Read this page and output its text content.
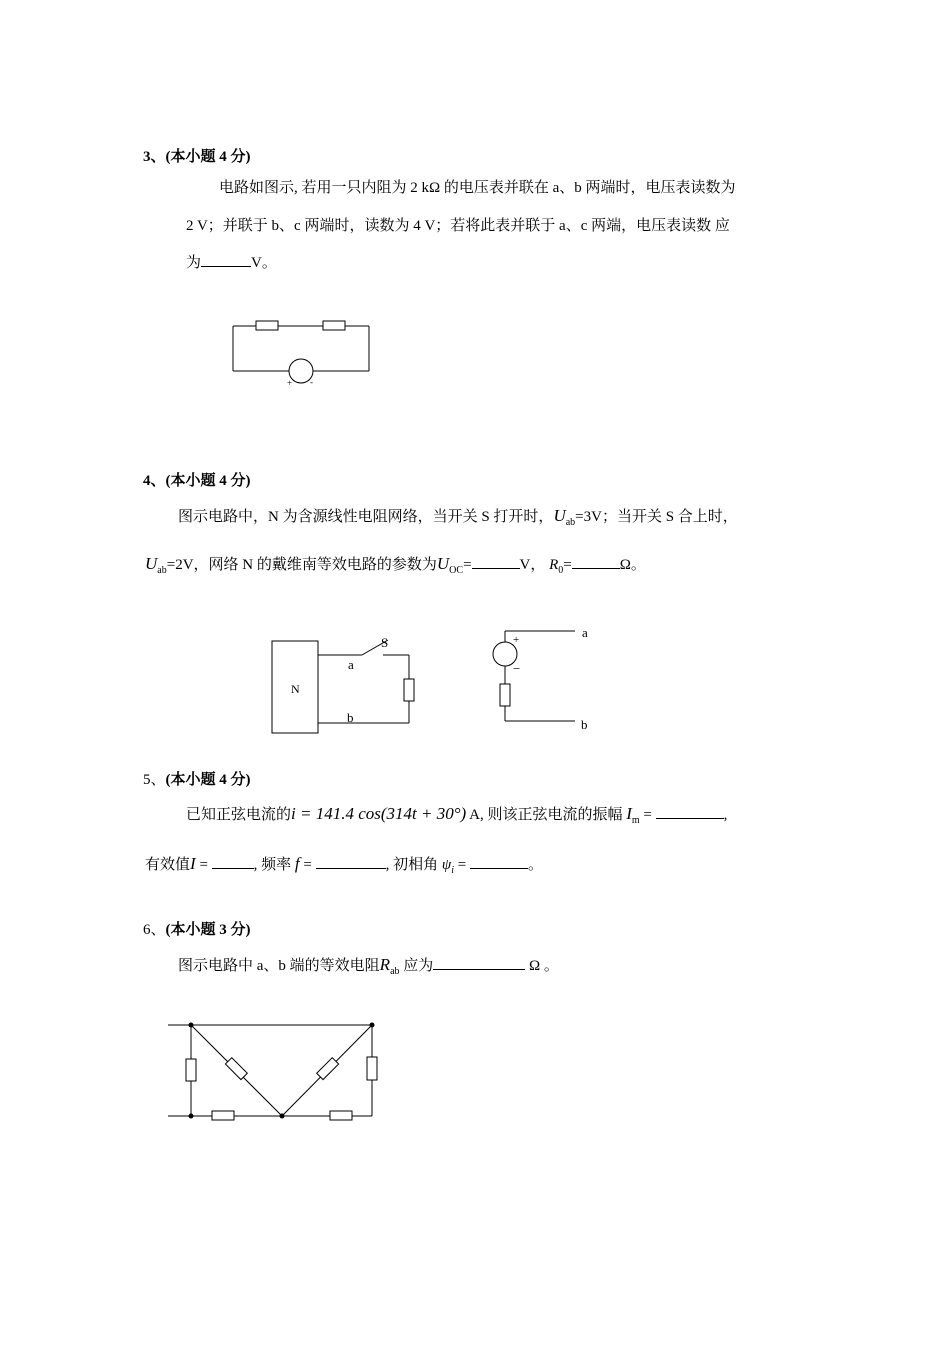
3、(本小题 4 分)
电路如图示, 若用一只内阻为 2 kΩ 的电压表并联在 a、b 两端时，电压表读数为
2 V；并联于 b、c 两端时，读数为 4 V；若将此表并联于 a、c 两端，电压表读数 应
为	V。
+ -
4、(本小题 4 分)
图示电路中，N 为含源线性电阻网络，当开关 S 打开时，$U_{ab}=3V$；当开关 S 合上时，
$U_{ab}=2V$，网络 N 的戴维南等效电路的参数为$U_{OC}=$	V， $R_0=$	Ω。
N
S
a
b
+
−
a
b
5、(本小题 4 分)
已知正弦电流的i = 141.4 cos(314t + 30°) A, 则该正弦电流的振幅 $I_m$ =	,
有效值I =	, 频率 f =	, 初相角 $\psi_i$ =	。
6、(本小题 3 分)
图示电路中 a、b 端的等效电阻$R_{ab}$ 应为	Ω 。
